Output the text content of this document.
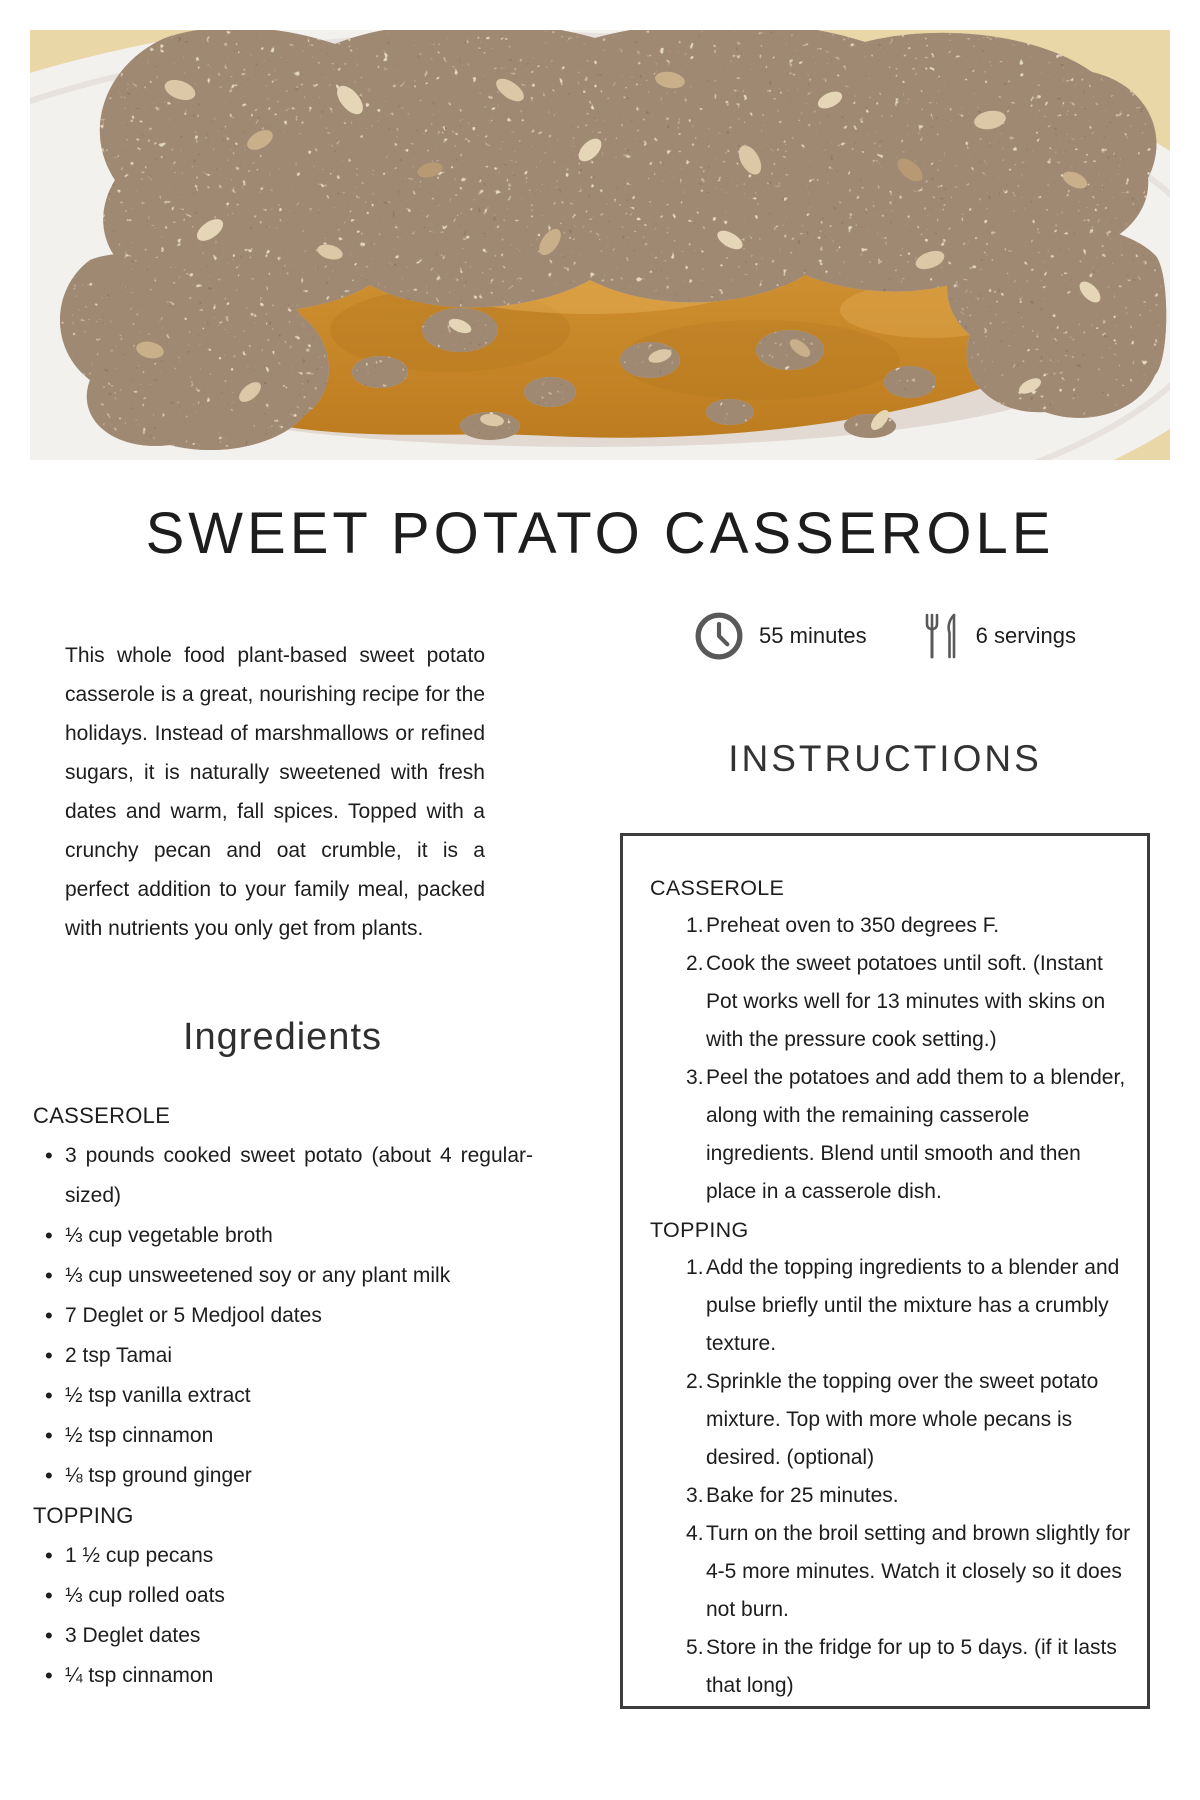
SWEET POTATO CASSEROLE

This whole food plant-based sweet potato casserole is a great, nourishing recipe for the holidays. Instead of marshmallows or refined sugars, it is naturally sweetened with fresh dates and warm, fall spices. Topped with a crunchy pecan and oat crumble, it is a perfect addition to your family meal, packed with nutrients you only get from plants.

Ingredients
CASSEROLE
• 3 pounds cooked sweet potato (about 4 regular-sized)
• ⅓ cup vegetable broth
• ⅓ cup unsweetened soy or any plant milk
• 7 Deglet or 5 Medjool dates
• 2 tsp Tamai
• ½ tsp vanilla extract
• ½ tsp cinnamon
• ⅛ tsp ground ginger
TOPPING
• 1 ½ cup pecans
• ⅓ cup rolled oats
• 3 Deglet dates
• ¼ tsp cinnamon
55 minutes	6 servings
INSTRUCTIONS
CASSEROLE
Preheat oven to 350 degrees F.
Cook the sweet potatoes until soft. (Instant Pot works well for 13 minutes with skins on with the pressure cook setting.)
Peel the potatoes and add them to a blender, along with the remaining casserole ingredients. Blend until smooth and then place in a casserole dish.
TOPPING
Add the topping ingredients to a blender and pulse briefly until the mixture has a crumbly texture.
Sprinkle the topping over the sweet potato mixture. Top with more whole pecans is desired. (optional)
Bake for 25 minutes.
Turn on the broil setting and brown slightly for 4-5 more minutes. Watch it closely so it does not burn.
Store in the fridge for up to 5 days. (if it lasts that long)
